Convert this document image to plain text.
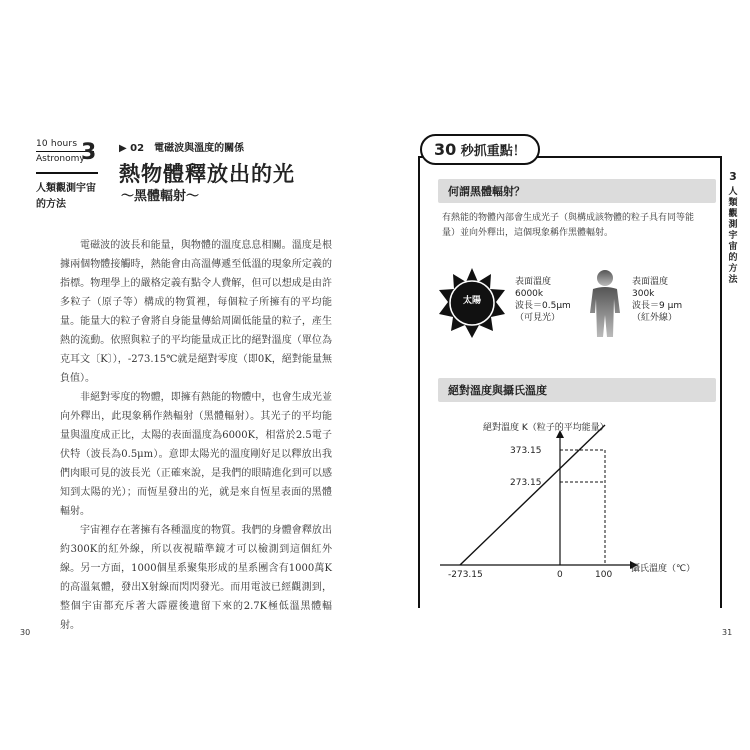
10 hours
Astronomy
3
人類觀測宇宙
的方法
▶ 02　電磁波與溫度的關係
熱物體釋放出的光
〜黑體輻射〜

電磁波的波長和能量，與物體的溫度息息相關。溫度是根據兩個物體接觸時，熱能會由高溫傳遞至低溫的現象所定義的指標。物理學上的嚴格定義有點令人費解，但可以想成是由許多粒子（原子等）構成的物質裡，每個粒子所擁有的平均能量。能量大的粒子會將自身能量傳給周圍低能量的粒子，產生熱的流動。依照與粒子的平均能量成正比的絕對溫度（單位為克耳文〔K〕），-273.15℃就是絕對零度（即0K，絕對能量無負值）。

非絕對零度的物體，即擁有熱能的物體中，也會生成光並向外釋出，此現象稱作熱輻射（黑體輻射）。其光子的平均能量與溫度成正比，太陽的表面溫度為6000K，相當於2.5電子伏特（波長為0.5μm）。意即太陽光的溫度剛好足以釋放出我們肉眼可見的波長光（正確來說，是我們的眼睛進化到可以感知到太陽的光）；而恆星發出的光，就是來自恆星表面的黑體輻射。

宇宙裡存在著擁有各種溫度的物質。我們的身體會釋放出約300K的紅外線，所以夜視瞄準鏡才可以檢測到這個紅外線。另一方面，1000個星系聚集形成的星系團含有1000萬K的高溫氣體，發出X射線而閃閃發光。而用電波已經觀測到，整個宇宙都充斥著大霹靂後遺留下來的2.7K極低溫黑體輻射。

30
30 秒抓重點！
3
人
類
觀
測
宇
宙
的
方
法
何謂黑體輻射？
有熱能的物體內部會生成光子（與構成該物體的粒子具有同等能量）並向外釋出，這個現象稱作黑體輻射。
太陽
表面溫度
6000k
波長＝0.5μm
（可見光）
表面溫度
300k
波長＝9 μm
（紅外線）
絕對溫度與攝氏溫度
絕對溫度 K（粒子的平均能量）
373.15
273.15
-273.15	0	100
攝氏溫度（℃）
31
